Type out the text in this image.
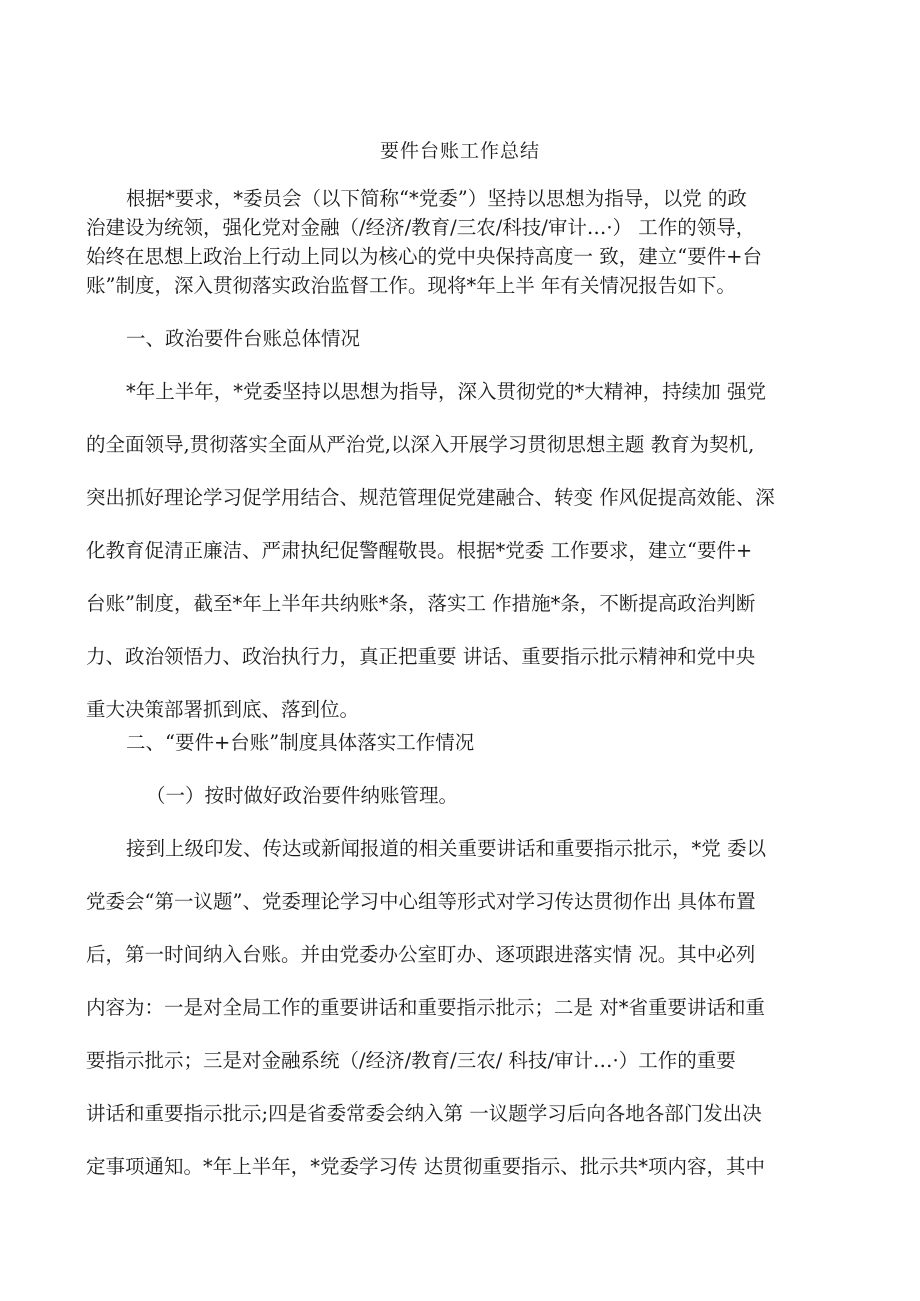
要件台账工作总结
根据*要求，*委员会（以下简称“*党委”）坚持以思想为指导，以党 的政
治建设为统领，强化党对金融（/经济/教育/三农/科技/审计…·） 工作的领导，
始终在思想上政治上行动上同以为核心的党中央保持高度一 致，建立“要件+台
账”制度，深入贯彻落实政治监督工作。现将*年上半 年有关情况报告如下。
一、政治要件台账总体情况
*年上半年，*党委坚持以思想为指导，深入贯彻党的*大精神，持续加 强党
的全面领导,贯彻落实全面从严治党,以深入开展学习贯彻思想主题 教育为契机,
突出抓好理论学习促学用结合、规范管理促党建融合、转变 作风促提高效能、深
化教育促清正廉洁、严肃执纪促警醒敬畏。根据*党委 工作要求，建立“要件+
台账”制度，截至*年上半年共纳账*条，落实工 作措施*条，不断提高政治判断
力、政治领悟力、政治执行力，真正把重要 讲话、重要指示批示精神和党中央
重大决策部署抓到底、落到位。
二、“要件+台账”制度具体落实工作情况
（一）按时做好政治要件纳账管理。
接到上级印发、传达或新闻报道的相关重要讲话和重要指示批示，*党 委以
党委会“第一议题”、党委理论学习中心组等形式对学习传达贯彻作出 具体布置
后，第一时间纳入台账。并由党委办公室盯办、逐项跟进落实情 况。其中必列
内容为：一是对全局工作的重要讲话和重要指示批示；二是 对*省重要讲话和重
要指示批示；三是对金融系统（/经济/教育/三农/ 科技/审计…·）工作的重要
讲话和重要指示批示;四是省委常委会纳入第 一议题学习后向各地各部门发出决
定事项通知。*年上半年，*党委学习传 达贯彻重要指示、批示共*项内容，其中
